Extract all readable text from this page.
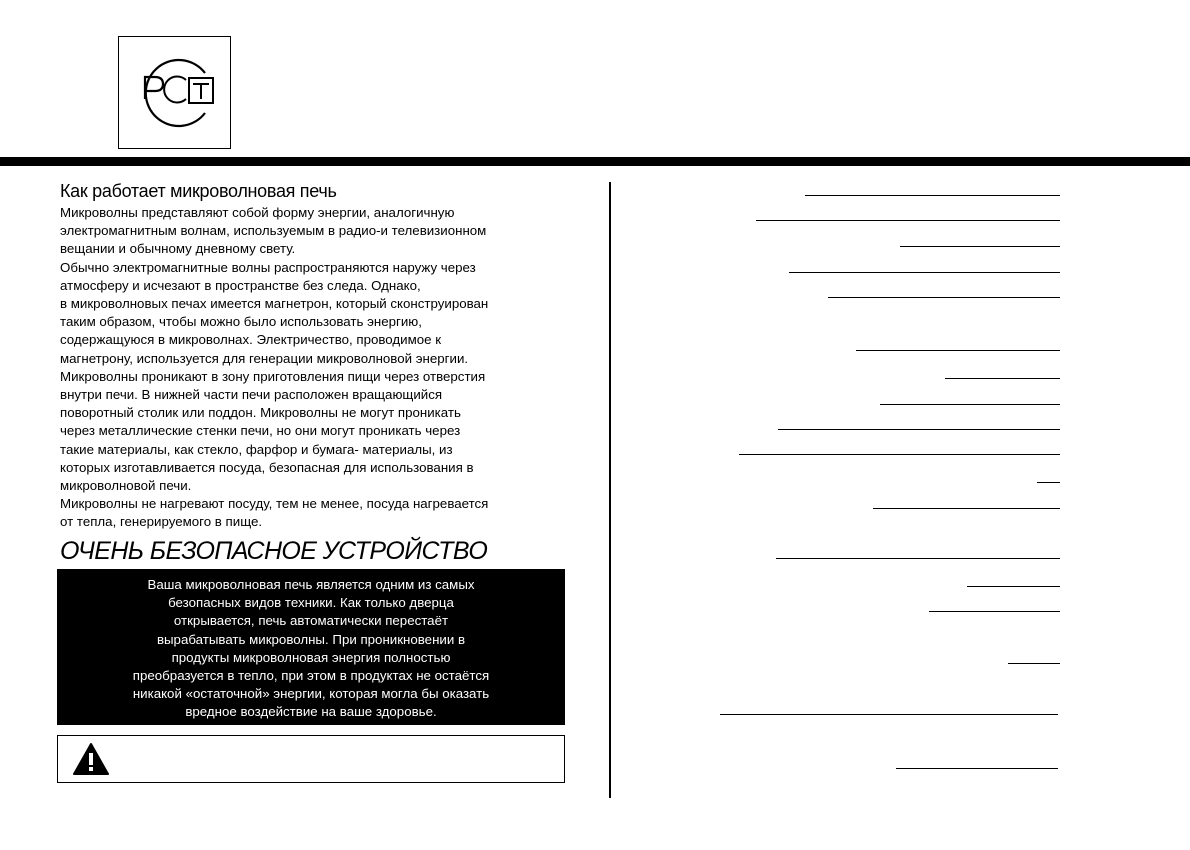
Как работает микроволновая печь

Микроволны представляют собой форму энергии, аналогичную

электромагнитным волнам, используемым в радио-и телевизионном

вещании и обычному дневному свету.

Обычно электромагнитные волны распространяются наружу через

атмосферу и исчезают в пространстве без следа. Однако,

в микроволновых печах имеется магнетрон, который сконструирован

таким образом, чтобы можно было использовать энергию,

содержащуюся в микроволнах. Электричество, проводимое к

магнетрону, используется для генерации микроволновой энергии.

Микроволны проникают в зону приготовления пищи через отверстия

внутри печи. В нижней части печи расположен вращающийся

поворотный столик или поддон. Микроволны не могут проникать

через металлические стенки печи, но они могут проникать через

такие материалы, как стекло, фарфор и бумага- материалы, из

которых изготавливается посуда, безопасная для использования в

микроволновой печи.

Микроволны не нагревают посуду, тем не менее, посуда нагревается

от тепла, генерируемого в пище.

ОЧЕНЬ БЕЗОПАСНОЕ УСТРОЙСТВО

Ваша микроволновая печь является одним из самых

безопасных видов техники. Как только дверца

открывается, печь автоматически перестаёт

вырабатывать микроволны. При проникновении в

продукты микроволновая энергия полностью

преобразуется в тепло, при этом в продуктах не остаётся

никакой «остаточной» энергии, которая могла бы оказать

вредное воздействие на ваше здоровье.
